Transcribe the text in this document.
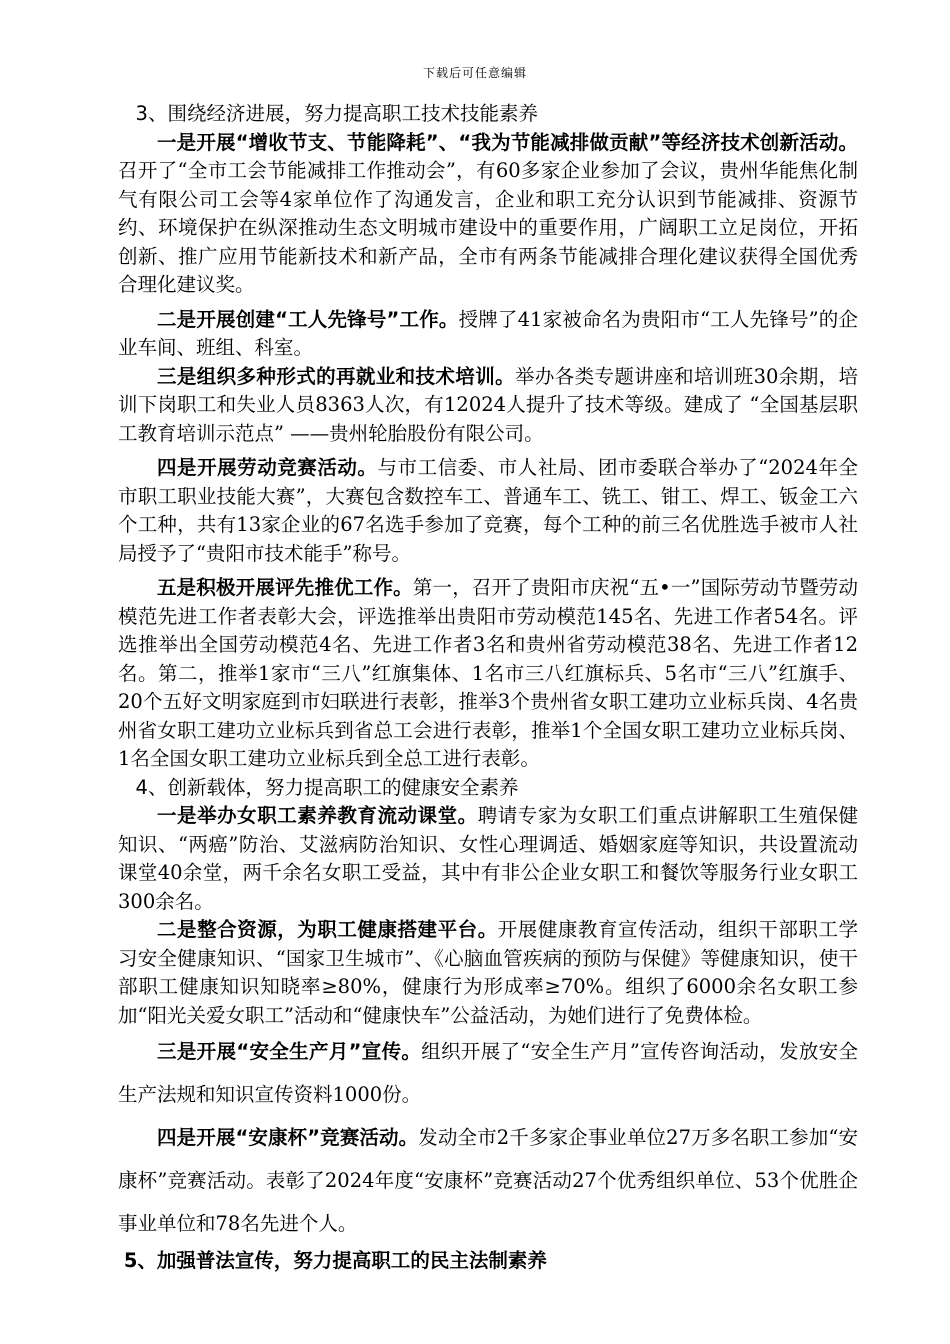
下载后可任意编辑

3、围绕经济进展，努力提高职工技术技能素养

一是开展“增收节支、节能降耗”、“我为节能减排做贡献”等经济技术创新活动。召开了“全市工会节能减排工作推动会”，有60多家企业参加了会议，贵州华能焦化制气有限公司工会等4家单位作了沟通发言，企业和职工充分认识到节能减排、资源节约、环境保护在纵深推动生态文明城市建设中的重要作用，广阔职工立足岗位，开拓创新、推广应用节能新技术和新产品，全市有两条节能减排合理化建议获得全国优秀合理化建议奖。

二是开展创建“工人先锋号”工作。授牌了41家被命名为贵阳市“工人先锋号”的企业车间、班组、科室。

三是组织多种形式的再就业和技术培训。举办各类专题讲座和培训班30余期，培训下岗职工和失业人员8363人次，有12024人提升了技术等级。建成了 “全国基层职工教育培训示范点” ——贵州轮胎股份有限公司。

四是开展劳动竞赛活动。与市工信委、市人社局、团市委联合举办了“2024年全市职工职业技能大赛”，大赛包含数控车工、普通车工、铣工、钳工、焊工、钣金工六个工种，共有13家企业的67名选手参加了竞赛，每个工种的前三名优胜选手被市人社局授予了“贵阳市技术能手”称号。

五是积极开展评先推优工作。第一，召开了贵阳市庆祝“五•一”国际劳动节暨劳动模范先进工作者表彰大会，评选推举出贵阳市劳动模范145名、先进工作者54名。评选推举出全国劳动模范4名、先进工作者3名和贵州省劳动模范38名、先进工作者12名。第二，推举1家市“三八”红旗集体、1名市三八红旗标兵、5名市“三八”红旗手、20个五好文明家庭到市妇联进行表彰，推举3个贵州省女职工建功立业标兵岗、4名贵州省女职工建功立业标兵到省总工会进行表彰，推举1个全国女职工建功立业标兵岗、1名全国女职工建功立业标兵到全总工进行表彰。

4、创新载体，努力提高职工的健康安全素养

一是举办女职工素养教育流动课堂。聘请专家为女职工们重点讲解职工生殖保健知识、“两癌”防治、艾滋病防治知识、女性心理调适、婚姻家庭等知识，共设置流动课堂40余堂，两千余名女职工受益，其中有非公企业女职工和餐饮等服务行业女职工300余名。

二是整合资源，为职工健康搭建平台。开展健康教育宣传活动，组织干部职工学习安全健康知识、“国家卫生城市”、《心脑血管疾病的预防与保健》等健康知识，使干部职工健康知识知晓率≥80%，健康行为形成率≥70%。组织了6000余名女职工参加“阳光关爱女职工”活动和“健康快车”公益活动，为她们进行了免费体检。

三是开展“安全生产月”宣传。组织开展了“安全生产月”宣传咨询活动，发放安全生产法规和知识宣传资料1000份。

四是开展“安康杯”竞赛活动。发动全市2千多家企事业单位27万多名职工参加“安康杯”竞赛活动。表彰了2024年度“安康杯”竞赛活动27个优秀组织单位、53个优胜企事业单位和78名先进个人。

5、加强普法宣传，努力提高职工的民主法制素养
